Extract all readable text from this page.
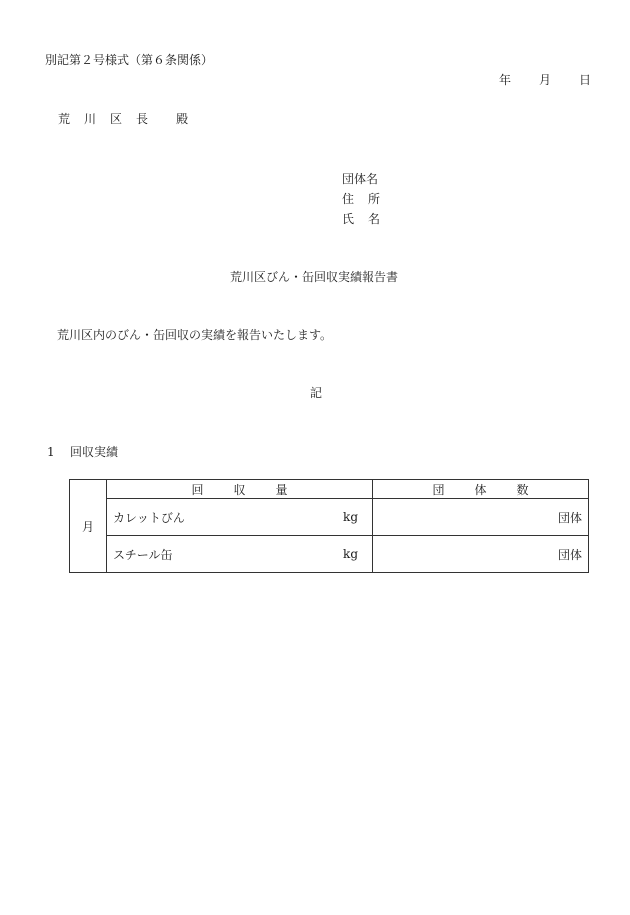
別記第２号様式（第６条関係）
年 月 日
荒 川 区 長 殿
団体名
住 所
氏 名
荒川区びん・缶回収実績報告書
荒川区内のびん・缶回収の実績を報告いたします。
記
1 回収実績
月	回 収 量	団 体 数

	カレットびん kg	団体

	スチール缶 kg	団体
